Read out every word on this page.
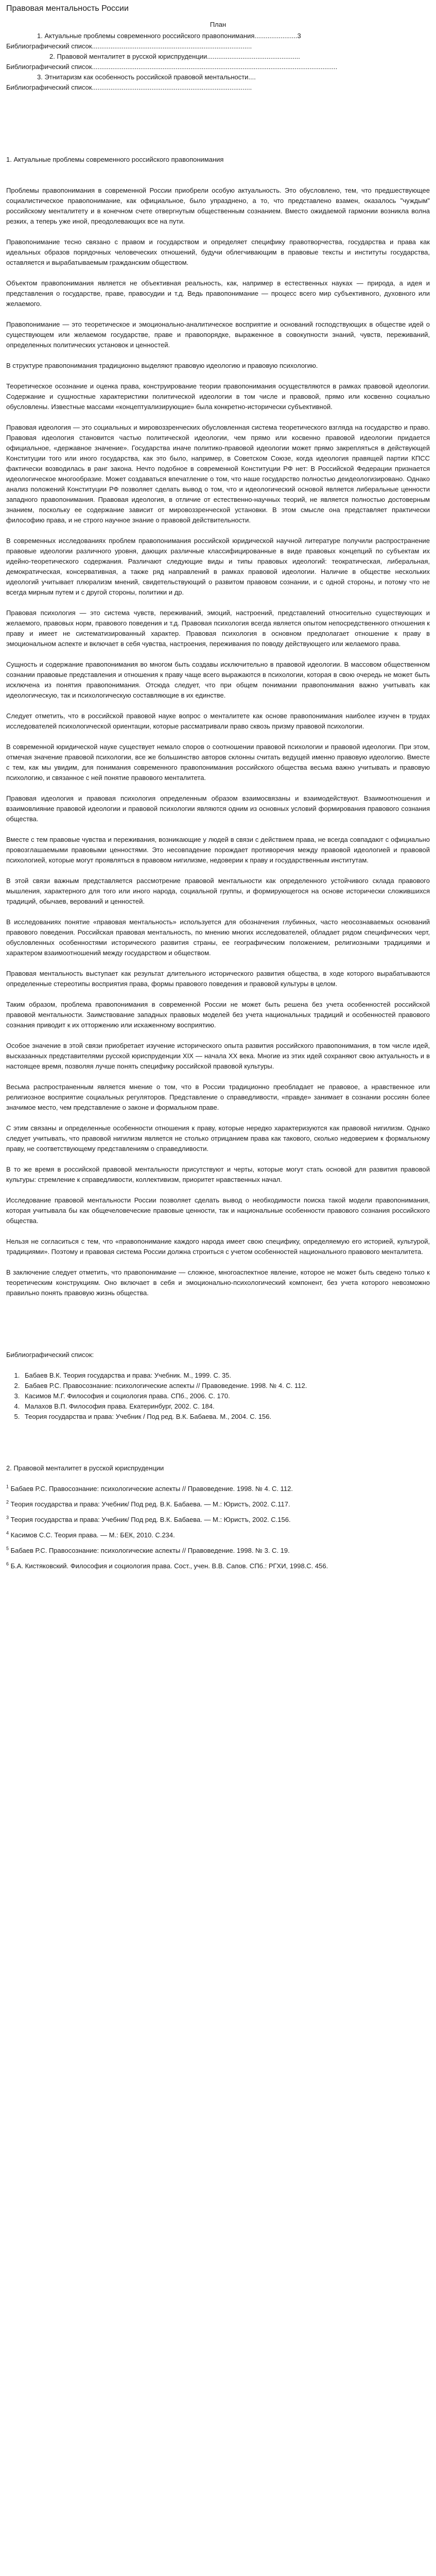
Правовая ментальность России
План
1. Актуальные проблемы современного российского правопонимания.......................3
Библиографический список......................................................................................
2. Правовой менталитет в русской юриспруденции..................................................
Библиографический список....................................................................................................................................
3. Этнитаризм как особенность российской правовой ментальности....
Библиографический список......................................................................................
1. Актуальные проблемы современного российского правопонимания

Проблемы правопонимания в современной России приобрели особую актуальность. Это обусловлено, тем, что предшествующее социалистическое правопонимание, как официальное, было упразднено, а то, что представлено взамен, оказалось "чуждым" российскому менталитету и в конечном счете отвергнутым общественным сознанием. Вместо ожидаемой гармонии возникла волна резких, а теперь уже иной, преодолевающих все на пути.

Правопонимание тесно связано с правом и государством и определяет специфику правотворчества, государства и права как идеальных образов порядочных человеческих отношений, будучи облегчивающим в правовые тексты и институты государства, оставляется и вырабатываемым гражданским обществом.

Объектом правопонимания является не объективная реальность, как, например в естественных науках — природа, а идея и представления о государстве, праве, правосудии и т.д. Ведь правопонимание — процесс всего мир субъективного, духовного или желаемого.

Правопонимание — это теоретическое и эмоционально-аналитическое восприятие и оснований господствующих в обществе идей о существующем или желаемом государстве, праве и правопорядке, выраженное в совокупности знаний, чувств, переживаний, определенных политических установок и ценностей.

В структуре правопонимания традиционно выделяют правовую идеологию и правовую психологию.

Теоретическое осознание и оценка права, конструирование теории правопонимания осуществляются в рамках правовой идеологии. Содержание и сущностные характеристики политической идеологии в том числе и правовой, прямо или косвенно социально обусловлены. Известные массами «концептуализирующие» была конкретно-исторически субъективной.

Правовая идеология — это социальных и мировоззренческих обусловленная система теоретического взгляда на государство и право. Правовая идеология становится частью политической идеологии, чем прямо или косвенно правовой идеологии придается официальное, «державное значение». Государства иначе политико-правовой идеологии может прямо закрепляться в действующей Конституции того или иного государства, как это было, например, в Советском Союзе, когда идеология правящей партии КПСС фактически возводилась в ранг закона. Нечто подобное в современной Конституции РФ нет: В Российской Федерации признается идеологическое многообразие. Может создаваться впечатление о том, что наше государство полностью деидеологизировано. Однако анализ положений Конституции РФ позволяет сделать вывод о том, что и идеологический основой является либеральные ценности западного правопонимания. Правовая идеология, в отличие от естественно-научных теорий, не является полностью достоверным знанием, поскольку ее содержание зависит от мировоззренческой установки. В этом смысле она представляет практически философию права, и не строго научное знание о правовой действительности.

В современных исследованиях проблем правопонимания российской юридической научной литературе получили распространение правовые идеологии различного уровня, дающих различные классифицированные в виде правовых концепций по субъектам их идейно-теоретического содержания. Различают следующие виды и типы правовых идеологий: теократическая, либеральная, демократическая, консервативная, а также ряд направлений в рамках правовой идеологии. Наличие в обществе нескольких идеологий учитывает плюрализм мнений, свидетельствующий о развитом правовом сознании, и с одной стороны, и потому что не всегда мирным путем и с другой стороны, политики и др.

Правовая психология — это система чувств, переживаний, эмоций, настроений, представлений относительно существующих и желаемого, правовых норм, правового поведения и т.д. Правовая психология всегда является опытом непосредственного отношения к праву и имеет не систематизированный характер. Правовая психология в основном предполагает отношение к праву в эмоциональном аспекте и включает в себя чувства, настроения, переживания по поводу действующего или желаемого права.

Сущность и содержание правопонимания во многом быть создавы исключительно в правовой идеологии. В массовом общественном сознании правовые представления и отношения к праву чаще всего выражаются в психологии, которая в свою очередь не может быть исключена из понятия правопонимания. Отсюда следует, что при общем понимании правопонимания важно учитывать как идеологическую, так и психологическую составляющие в их единстве.

Следует отметить, что в российской правовой науке вопрос о менталитете как основе правопонимания наиболее изучен в трудах исследователей психологической ориентации, которые рассматривали право сквозь призму правовой психологии.

В современной юридической науке существует немало споров о соотношении правовой психологии и правовой идеологии. При этом, отмечая значение правовой психологии, все же большинство авторов склонны считать ведущей именно правовую идеологию. Вместе с тем, как мы увидим, для понимания современного правопонимания российского общества весьма важно учитывать и правовую психологию, и связанное с ней понятие правового менталитета.

Правовая идеология и правовая психология определенным образом взаимосвязаны и взаимодействуют. Взаимоотношения и взаимовлияние правовой идеологии и правовой психологии являются одним из основных условий формирования правового сознания общества.

Вместе с тем правовые чувства и переживания, возникающие у людей в связи с действием права, не всегда совпадают с официально провозглашаемыми правовыми ценностями. Это несовпадение порождает противоречия между правовой идеологией и правовой психологией, которые могут проявляться в правовом нигилизме, недоверии к праву и государственным институтам.

В этой связи важным представляется рассмотрение правовой ментальности как определенного устойчивого склада правового мышления, характерного для того или иного народа, социальной группы, и формирующегося на основе исторически сложившихся традиций, обычаев, верований и ценностей.

В исследованиях понятие «правовая ментальность» используется для обозначения глубинных, часто неосознаваемых оснований правового поведения. Российская правовая ментальность, по мнению многих исследователей, обладает рядом специфических черт, обусловленных особенностями исторического развития страны, ее географическим положением, религиозными традициями и характером взаимоотношений между государством и обществом.

Правовая ментальность выступает как результат длительного исторического развития общества, в ходе которого вырабатываются определенные стереотипы восприятия права, формы правового поведения и правовой культуры в целом.

Таким образом, проблема правопонимания в современной России не может быть решена без учета особенностей российской правовой ментальности. Заимствование западных правовых моделей без учета национальных традиций и особенностей правового сознания приводит к их отторжению или искаженному восприятию.

Особое значение в этой связи приобретает изучение исторического опыта развития российского правопонимания, в том числе идей, высказанных представителями русской юриспруденции XIX — начала XX века. Многие из этих идей сохраняют свою актуальность и в настоящее время, позволяя лучше понять специфику российской правовой культуры.

Весьма распространенным является мнение о том, что в России традиционно преобладает не правовое, а нравственное или религиозное восприятие социальных регуляторов. Представление о справедливости, «правде» занимает в сознании россиян более значимое место, чем представление о законе и формальном праве.

С этим связаны и определенные особенности отношения к праву, которые нередко характеризуются как правовой нигилизм. Однако следует учитывать, что правовой нигилизм является не столько отрицанием права как такового, сколько недоверием к формальному праву, не соответствующему представлениям о справедливости.

В то же время в российской правовой ментальности присутствуют и черты, которые могут стать основой для развития правовой культуры: стремление к справедливости, коллективизм, приоритет нравственных начал.

Исследование правовой ментальности России позволяет сделать вывод о необходимости поиска такой модели правопонимания, которая учитывала бы как общечеловеческие правовые ценности, так и национальные особенности правового сознания российского общества.

Нельзя не согласиться с тем, что «правопонимание каждого народа имеет свою специфику, определяемую его историей, культурой, традициями». Поэтому и правовая система России должна строиться с учетом особенностей национального правового менталитета.

В заключение следует отметить, что правопонимание — сложное, многоаспектное явление, которое не может быть сведено только к теоретическим конструкциям. Оно включает в себя и эмоционально-психологический компонент, без учета которого невозможно правильно понять правовую жизнь общества.

Библиографический список:
1. Бабаев В.К. Теория государства и права: Учебник. М., 1999. С. 35.
2. Бабаев Р.С. Правосознание: психологические аспекты // Правоведение. 1998. № 4. С. 112.
3. Касимов М.Г. Философия и социология права. СПб., 2006. С. 170.
4. Малахов В.П. Философия права. Екатеринбург, 2002. С. 184.
5. Теория государства и права: Учебник / Под ред. В.К. Бабаева. М., 2004. С. 156.
2. Правовой менталитет в русской юриспруденции

$^1$ Бабаев Р.С. Правосознание: психологические аспекты // Правоведение. 1998. № 4. С. 112.

$^2$ Теория государства и права: Учебник/ Под ред. В.К. Бабаева. — М.: Юристъ, 2002. С.117.

$^3$ Теория государства и права: Учебник/ Под ред. В.К. Бабаева. — М.: Юристъ, 2002. С.156.

$^4$ Касимов С.С. Теория права. — М.: БЕК, 2010. С.234.

$^5$ Бабаев Р.С. Правосознание: психологические аспекты // Правоведение. 1998. № 3. С. 19.

$^6$ Б.А. Кистяковский. Философия и социология права. Сост., учен. В.В. Сапов. СПб.: РГХИ, 1998.С. 456.
